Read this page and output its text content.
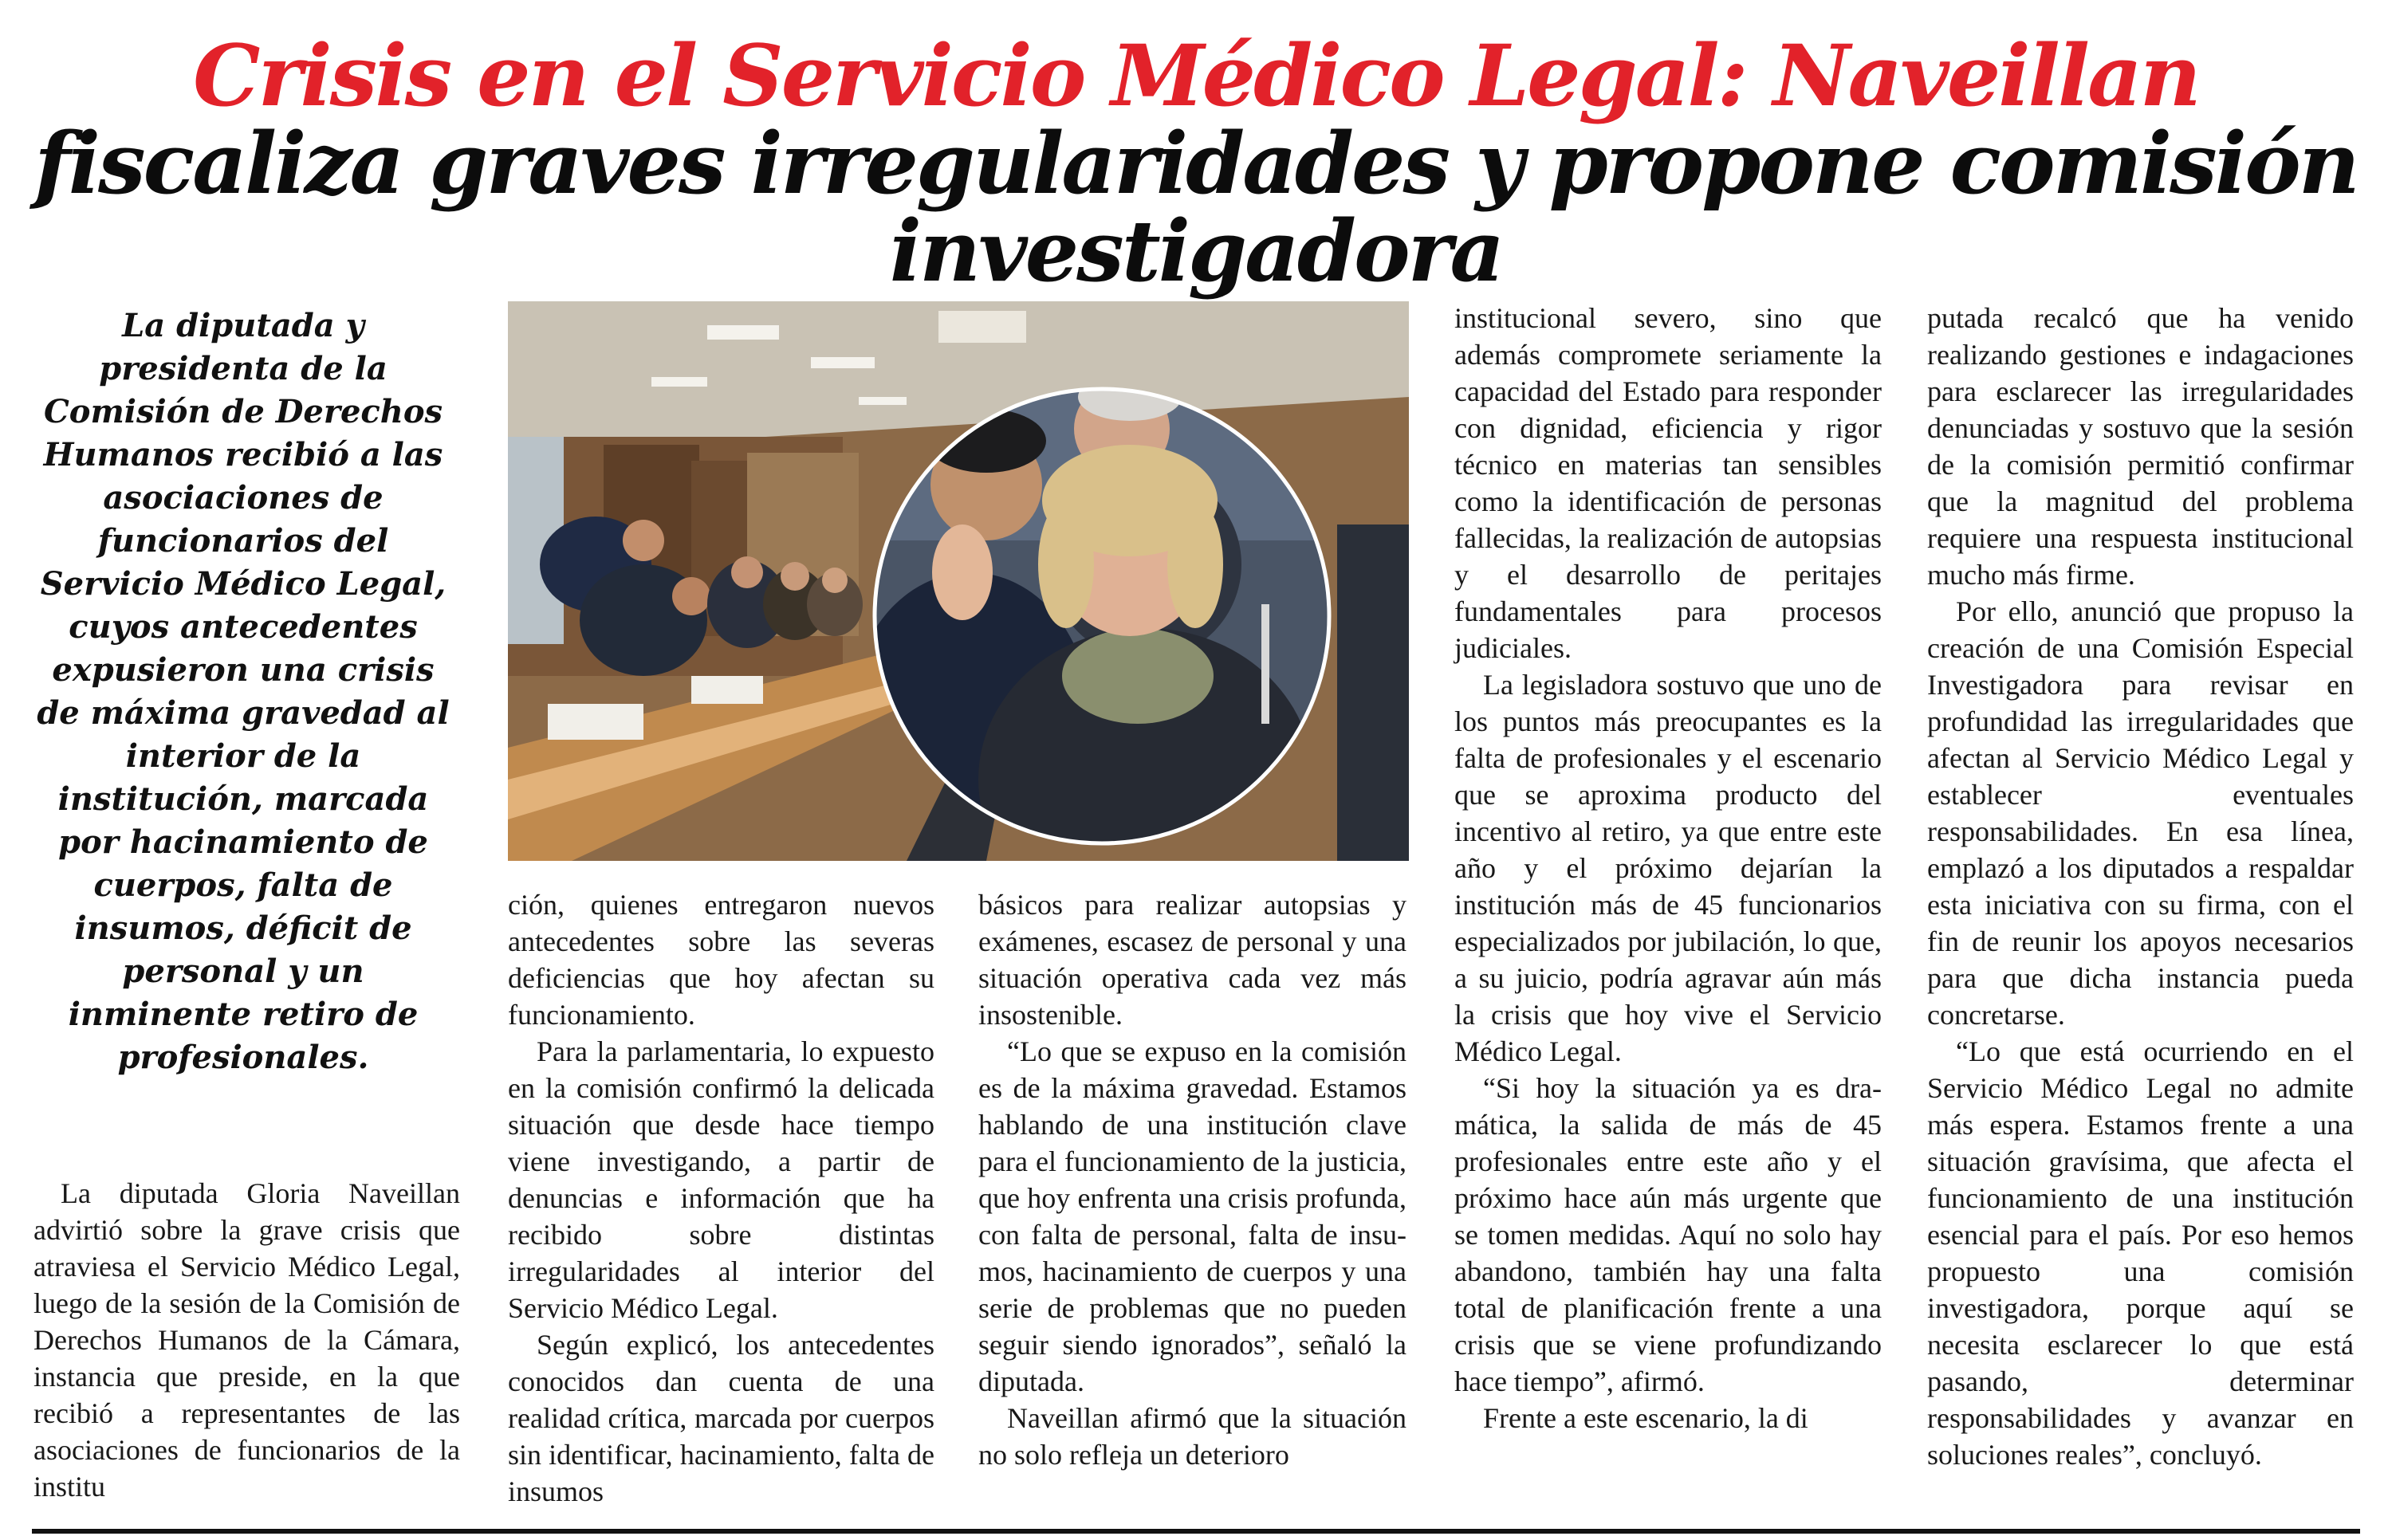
Crisis en el Servicio Médico Legal: Naveillan fiscaliza graves irregularidades y propone comisión investigadora

La diputada y presidenta de la Comisión de Derechos Humanos recibió a las asociaciones de funcionarios del Servicio Médico Legal, cuyos antecedentes expusieron una crisis de máxima gravedad al interior de la institución, marcada por hacinamiento de cuerpos, falta de insumos, déficit de personal y un inminente retiro de profesionales.

La diputada Gloria Naveillan advirtió sobre la grave crisis que atraviesa el Servicio Médico Legal, luego de la sesión de la Comisión de Derechos Humanos de la Cámara, instancia que preside, en la que recibió a representantes de las asociaciones de funcionarios de la institu

ción, quienes entregaron nuevos antecedentes sobre las severas deficiencias que hoy afectan su funcionamiento.

Para la parlamentaria, lo expuesto en la comisión confirmó la delicada situación que desde hace tiempo viene investigando, a partir de denuncias e información que ha recibido sobre distintas irregularidades al interior del Servicio Médico Legal.

Según explicó, los antecedentes conocidos dan cuenta de una realidad crítica, marcada por cuerpos sin identificar, hacinamiento, falta de insumos

básicos para realizar autopsias y exámenes, escasez de personal y una situación operativa cada vez más insostenible.

“Lo que se expuso en la comisión es de la máxima gravedad. Estamos hablando de una institución clave para el funcionamiento de la justicia, que hoy enfrenta una crisis profunda, con falta de personal, falta de insumos, hacinamiento de cuerpos y una serie de problemas que no pueden seguir siendo ignorados”, señaló la diputada.

Naveillan afirmó que la situación no solo refleja un deterioro

institucional severo, sino que además compromete seriamente la capacidad del Estado para responder con dignidad, eficiencia y rigor técnico en materias tan sensibles como la identificación de personas fallecidas, la realización de autopsias y el desarrollo de peritajes fundamentales para procesos judiciales.

La legisladora sostuvo que uno de los puntos más preocupantes es la falta de profesionales y el escenario que se aproxima producto del incentivo al retiro, ya que entre este año y el próximo dejarían la institución más de 45 funcionarios especializados por jubilación, lo que, a su juicio, podría agravar aún más la crisis que hoy vive el Servicio Médico Legal.

“Si hoy la situación ya es dramática, la salida de más de 45 profesionales entre este año y el próximo hace aún más urgente que se tomen medidas. Aquí no solo hay abandono, también hay una falta total de planificación frente a una crisis que se viene profundizando hace tiempo”, afirmó.

Frente a este escenario, la di

putada recalcó que ha venido realizando gestiones e indagaciones para esclarecer las irregularidades denunciadas y sostuvo que la sesión de la comisión permitió confirmar que la magnitud del problema requiere una respuesta institucional mucho más firme.

Por ello, anunció que propuso la creación de una Comisión Especial Investigadora para revisar en profundidad las irregularidades que afectan al Servicio Médico Legal y establecer eventuales responsabilidades. En esa línea, emplazó a los diputados a respaldar esta iniciativa con su firma, con el fin de reunir los apoyos necesarios para que dicha instancia pueda concretarse.

“Lo que está ocurriendo en el Servicio Médico Legal no admite más espera. Estamos frente a una situación gravísima, que afecta el funcionamiento de una institución esencial para el país. Por eso hemos propuesto una comisión investigadora, porque aquí se necesita esclarecer lo que está pasando, determinar responsabilidades y avanzar en soluciones reales”, concluyó.
